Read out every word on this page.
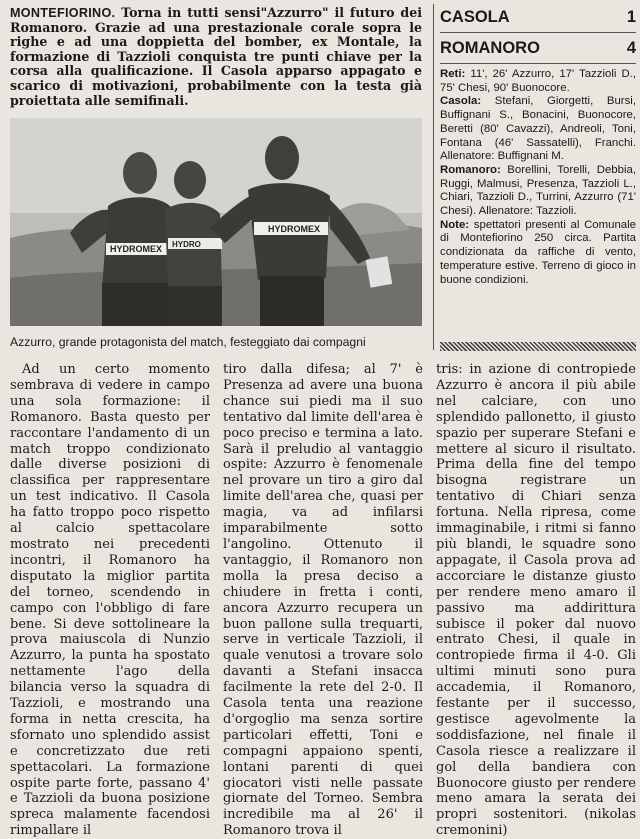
MONTEFIORINO. Torna in tutti sensi"Azzurro" il futuro dei Romanoro. Grazie ad una prestazionale corale sopra le righe e ad una doppietta del bomber, ex Montale, la formazione di Tazzioli conquista tre punti chiave per la corsa alla qualificazione. Il Casola apparso appagato e scarico di motivazioni, probabilmente con la testa già proiettata alle semifinali.
HYDROMEX HYDRO
HYDROMEX
Azzurro, grande protagonista del match, festeggiato dai compagni
CASOLA	1
ROMANORO	4
Reti: 11', 26' Azzurro, 17' Tazzioli D., 75' Chesi, 90' Buonocore.
Casola: Stefani, Giorgetti, Bursi, Buffignani S., Bonacini, Buonocore, Beretti (80' Cavazzi), Andreoli, Toni, Fontana (46' Sassatelli), Franchi. Allenatore: Buffignani M.
Romanoro: Borellini, Torelli, Debbia, Ruggi, Malmusi, Presenza, Tazzioli L., Chiari, Tazzioli D., Turrini, Azzurro (71' Chesi). Allenatore: Tazzioli.
Note: spettatori presenti al Comunale di Montefiorino 250 circa. Partita condizionata da raffiche di vento, temperature estive. Terreno di gioco in buone condizioni.

Ad un certo momento sembrava di vedere in campo una sola formazione: il Romanoro. Basta questo per raccontare l'andamento di un match troppo condizionato dalle diverse posizioni di classifica per rappresentare un test indicativo. Il Casola ha fatto troppo poco rispetto al calcio spettacolare mostrato nei precedenti incontri, il Romanoro ha disputato la miglior partita del torneo, scendendo in campo con l'obbligo di fare bene. Si deve sottolineare la prova maiuscola di Nunzio Azzurro, la punta ha spostato nettamente l'ago della bilancia verso la squadra di Tazzioli, e mostrando una forma in netta crescita, ha sfornato uno splendido assist e concretizzato due reti spettacolari. La formazione ospite parte forte, passano 4' e Tazzioli da buona posizione spreca malamente facendosi rimpallare il

tiro dalla difesa; al 7' è Presenza ad avere una buona chance sui piedi ma il suo tentativo dal limite dell'area è poco preciso e termina a lato. Sarà il preludio al vantaggio ospite: Azzurro è fenomenale nel provare un tiro a giro dal limite dell'area che, quasi per magia, va ad infilarsi imparabilmente sotto l'angolino. Ottenuto il vantaggio, il Romanoro non molla la presa deciso a chiudere in fretta i conti, ancora Azzurro recupera un buon pallone sulla trequarti, serve in verticale Tazzioli, il quale venutosi a trovare solo davanti a Stefani insacca facilmente la rete del 2-0. Il Casola tenta una reazione d'orgoglio ma senza sortire particolari effetti, Toni e compagni appaiono spenti, lontani parenti di quei giocatori visti nelle passate giornate del Torneo. Sembra incredibile ma al 26' il Romanoro trova il

tris: in azione di contropiede Azzurro è ancora il più abile nel calciare, con uno splendido pallonetto, il giusto spazio per superare Stefani e mettere al sicuro il risultato. Prima della fine del tempo bisogna registrare un tentativo di Chiari senza fortuna. Nella ripresa, come immaginabile, i ritmi si fanno più blandi, le squadre sono appagate, il Casola prova ad accorciare le distanze giusto per rendere meno amaro il passivo ma addirittura subisce il poker dal nuovo entrato Chesi, il quale in contropiede firma il 4-0. Gli ultimi minuti sono pura accademia, il Romanoro, festante per il successo, gestisce agevolmente la soddisfazione, nel finale il Casola riesce a realizzare il gol della bandiera con Buonocore giusto per rendere meno amara la serata dei propri sostenitori. (nikolas cremonini)
